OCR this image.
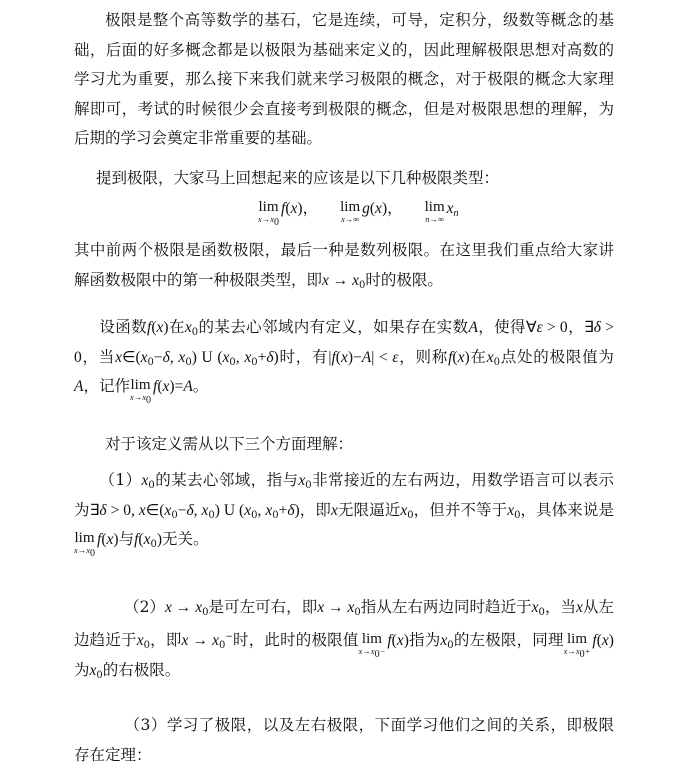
极限是整个高等数学的基石，它是连续，可导，定积分，级数等概念的基础，后面的好多概念都是以极限为基础来定义的，因此理解极限思想对高数的学习尤为重要，那么接下来我们就来学习极限的概念，对于极限的概念大家理解即可，考试的时候很少会直接考到极限的概念，但是对极限思想的理解，为后期的学习会奠定非常重要的基础。

提到极限，大家马上回想起来的应该是以下几种极限类型：

lim
$x\to x_0$
f(x)， lim
x→∞
g(x)， lim
n→∞
$x_n$

其中前两个极限是函数极限，最后一种是数列极限。在这里我们重点给大家讲解函数极限中的第一种极限类型，即$x \to x_0$时的极限。

设函数f(x)在$x_0$的某去心邻域内有定义，如果存在实数A，使得∀ε > 0，∃δ > 0，当$x\in(x_0-\delta$, $x_0$) U ($x_0$, $x_0+\delta$)时，有|f(x)−A| < ε，则称f(x)在$x_0$点处的极限值为A，记作 lim
$x\to x_0$
f(x)=A。

对于该定义需从以下三个方面理解：

$(1)x_0$的某去心邻域，指与$x_0$非常接近的左右两边，用数学语言可以表示为∃δ > 0, $x\in(x_0-\delta$, $x_0$) U ($x_0$, $x_0+\delta$)，即x无限逼近$x_0$，但并不等于$x_0$，具体来说是
lim
$x\to x_0$
f(x)与$f(x_0)$无关。

$(2)x \to x_0$是可左可右，即$x \to x_0$指从左右两边同时趋近于$x_0$，当x从左边趋近于$x_0$，即$x \to x_0^-$时，此时的极限值 lim
$x\to x_0-$
f(x)指为$x_0$的左极限，同理 lim
$x\to x_0+$
f(x)为$x_0$的右极限。

（3）学习了极限，以及左右极限，下面学习他们之间的关系，即极限存在定理：
